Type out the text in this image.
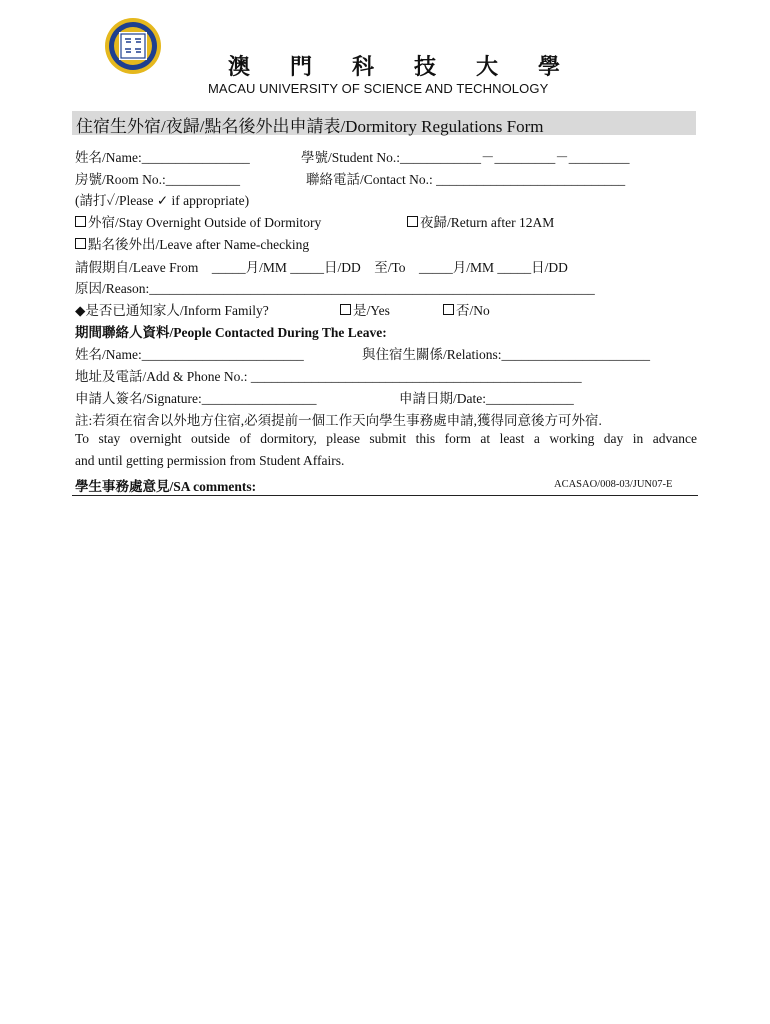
澳 門 科 技 大 學
MACAU UNIVERSITY OF SCIENCE AND TECHNOLOGY
住宿生外宿/夜歸/點名後外出申請表/Dormitory Regulations Form
姓名/Name:________________	學號/Student No.:____________－_________－_________
房號/Room No.:___________	聯絡電話/Contact No.: ____________________________
(請打✓/Please ✓ if appropriate)
外宿/Stay Overnight Outside of Dormitory	夜歸/Return after 12AM
點名後外出/Leave after Name-checking
請假期自/Leave From　_____月/MM _____日/DD　至/To　_____月/MM _____日/DD
原因/Reason:__________________________________________________________________
◆是否已通知家人/Inform Family?	是/Yes	否/No
期間聯絡人資料/People Contacted During The Leave:
姓名/Name:________________________	與住宿生關係/Relations:______________________
地址及電話/Add & Phone No.: _________________________________________________
申請人簽名/Signature:_________________	申請日期/Date:_____________
註:若須在宿舍以外地方住宿,必須提前一個工作天向學生事務處申請,獲得同意後方可外宿.
To stay overnight outside of dormitory, please submit this form at least a working day in advance
and until getting permission from Student Affairs.
學生事務處意見/SA comments:	ACASAO/008-03/JUN07-E
